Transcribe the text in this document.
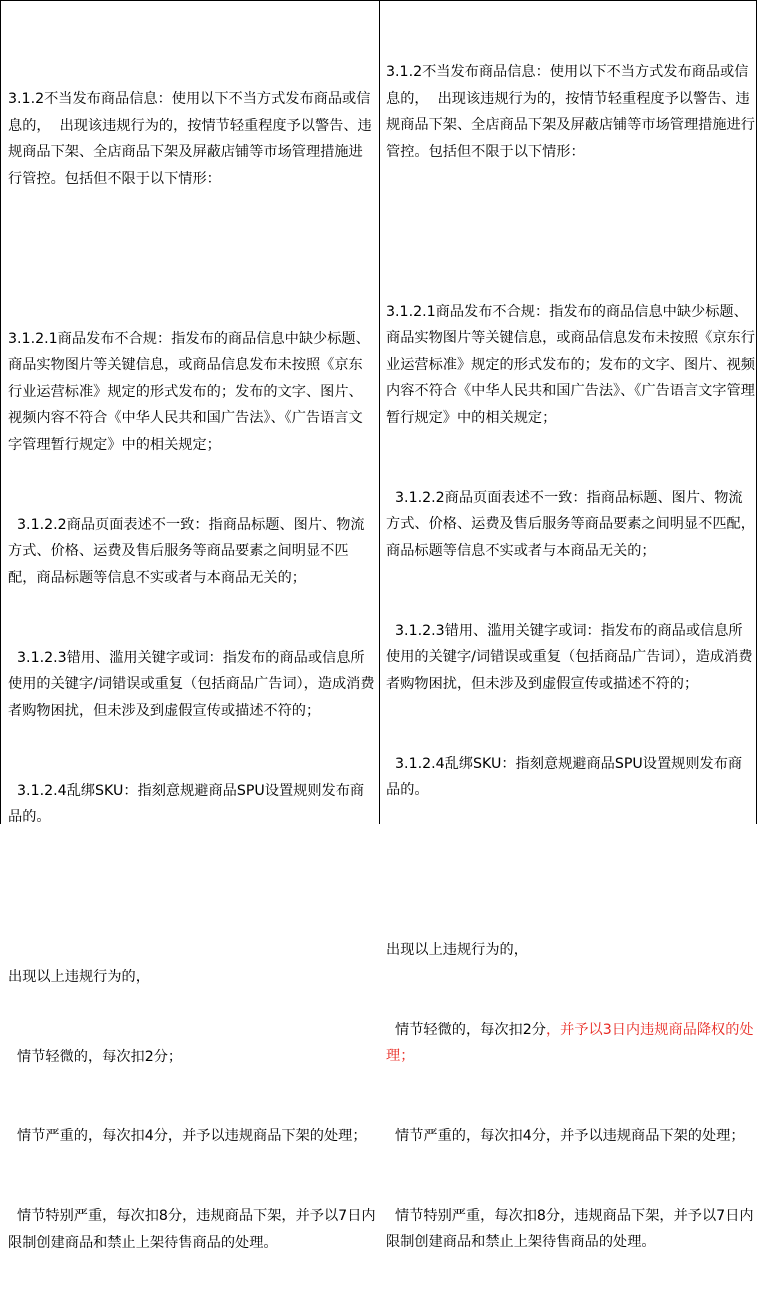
3.1.2不当发布商品信息：使用以下不当方式发布商品或信息的，  出现该违规行为的，按情节轻重程度予以警告、违规商品下架、全店商品下架及屏蔽店铺等市场管理措施进行管控。包括但不限于以下情形：

3.1.2.1商品发布不合规：指发布的商品信息中缺少标题、商品实物图片等关键信息，或商品信息发布未按照《京东行业运营标准》规定的形式发布的；发布的文字、图片、视频内容不符合《中华人民共和国广告法》、《广告语言文字管理暂行规定》中的相关规定；

3.1.2.2商品页面表述不一致：指商品标题、图片、物流方式、价格、运费及售后服务等商品要素之间明显不匹配，商品标题等信息不实或者与本商品无关的；

3.1.2.3错用、滥用关键字或词：指发布的商品或信息所使用的关键字/词错误或重复（包括商品广告词），造成消费者购物困扰，但未涉及到虚假宣传或描述不符的；

3.1.2.4乱绑SKU：指刻意规避商品SPU设置规则发布商品的。

出现以上违规行为的，

情节轻微的，每次扣2分；

情节严重的，每次扣4分，并予以违规商品下架的处理；

情节特别严重，每次扣8分，违规商品下架，并予以7日内限制创建商品和禁止上架待售商品的处理。

3.1.2不当发布商品信息：使用以下不当方式发布商品或信息的，  出现该违规行为的，按情节轻重程度予以警告、违规商品下架、全店商品下架及屏蔽店铺等市场管理措施进行管控。包括但不限于以下情形：

3.1.2.1商品发布不合规：指发布的商品信息中缺少标题、商品实物图片等关键信息，或商品信息发布未按照《京东行业运营标准》规定的形式发布的；发布的文字、图片、视频内容不符合《中华人民共和国广告法》、《广告语言文字管理暂行规定》中的相关规定；

3.1.2.2商品页面表述不一致：指商品标题、图片、物流方式、价格、运费及售后服务等商品要素之间明显不匹配，商品标题等信息不实或者与本商品无关的；

3.1.2.3错用、滥用关键字或词：指发布的商品或信息所使用的关键字/词错误或重复（包括商品广告词），造成消费者购物困扰，但未涉及到虚假宣传或描述不符的；

3.1.2.4乱绑SKU：指刻意规避商品SPU设置规则发布商品的。

出现以上违规行为的，

情节轻微的，每次扣2分，并予以3日内违规商品降权的处理；

情节严重的，每次扣4分，并予以违规商品下架的处理；

情节特别严重，每次扣8分，违规商品下架，并予以7日内限制创建商品和禁止上架待售商品的处理。
